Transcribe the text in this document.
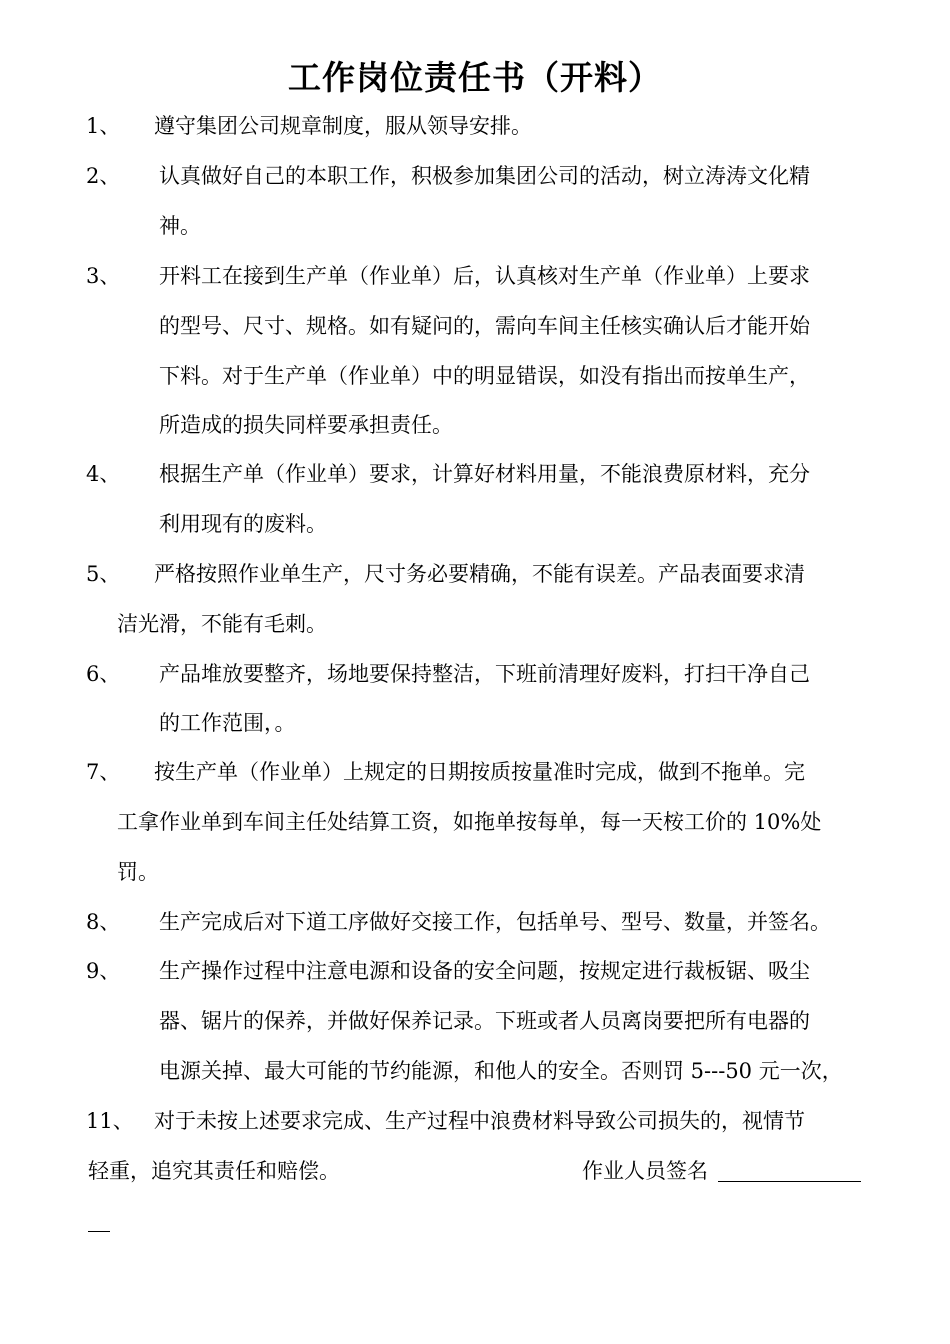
工作岗位责任书（开料）
1、 遵守集团公司规章制度，服从领导安排。
2、 认真做好自己的本职工作，积极参加集团公司的活动，树立涛涛文化精
神。
3、 开料工在接到生产单（作业单）后，认真核对生产单（作业单）上要求
的型号、尺寸、规格。如有疑问的，需向车间主任核实确认后才能开始
下料。对于生产单（作业单）中的明显错误，如没有指出而按单生产，
所造成的损失同样要承担责任。
4、 根据生产单（作业单）要求，计算好材料用量，不能浪费原材料，充分
利用现有的废料。
5、 严格按照作业单生产，尺寸务必要精确，不能有误差。产品表面要求清
洁光滑，不能有毛刺。
6、 产品堆放要整齐，场地要保持整洁，下班前清理好废料，打扫干净自己
的工作范围，。
7、 按生产单（作业单）上规定的日期按质按量准时完成，做到不拖单。完
工拿作业单到车间主任处结算工资，如拖单按每单，每一天桉工价的 10%处
罚。
8、 生产完成后对下道工序做好交接工作，包括单号、型号、数量，并签名。
9、 生产操作过程中注意电源和设备的安全问题，按规定进行裁板锯、吸尘
器、锯片的保养，并做好保养记录。下班或者人员离岗要把所有电器的
电源关掉、最大可能的节约能源，和他人的安全。否则罚 5---50 元一次，
11、 对于未按上述要求完成、生产过程中浪费材料导致公司损失的，视情节
轻重，追究其责任和赔偿。	作业人员签名
